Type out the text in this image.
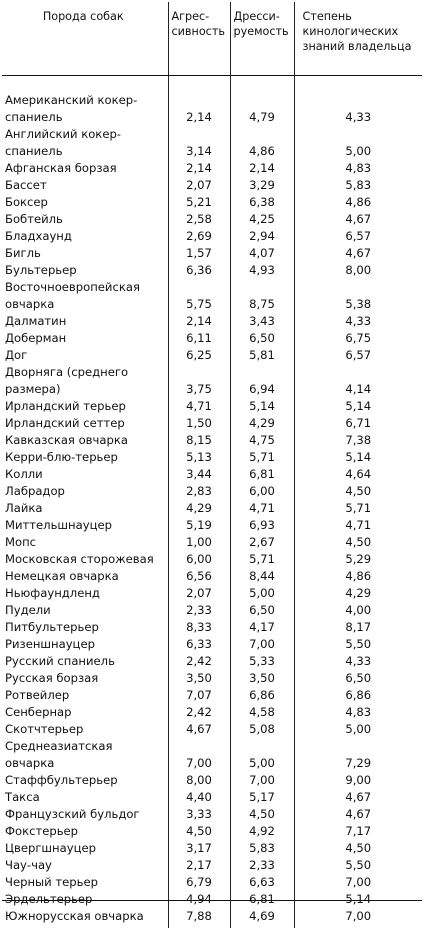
Порода собак	Агрес- сивность	Дресси- руемость	Степень кинологических знаний владельца
Американский кокер-спаниель	2,14	4,79	4,33
Английский кокер-спаниель	3,14	4,86	5,00
Афганская борзая	2,14	2,14	4,83
Бассет	2,07	3,29	5,83
Боксер	5,21	6,38	4,86
Бобтейль	2,58	4,25	4,67
Бладхаунд	2,69	2,94	6,57
Бигль	1,57	4,07	4,67
Бультерьер	6,36	4,93	8,00
Восточноевропейская овчарка	5,75	8,75	5,38
Далматин	2,14	3,43	4,33
Доберман	6,11	6,50	6,75
Дог	6,25	5,81	6,57
Дворняга (среднего размера)	3,75	6,94	4,14
Ирландский терьер	4,71	5,14	5,14
Ирландский сеттер	1,50	4,29	6,71
Кавказская овчарка	8,15	4,75	7,38
Керри-блю-терьер	5,13	5,71	5,14
Колли	3,44	6,81	4,64
Лабрадор	2,83	6,00	4,50
Лайка	4,29	4,71	5,71
Миттельшнауцер	5,19	6,93	4,71
Мопс	1,00	2,67	4,50
Московская сторожевая	6,00	5,71	5,29
Немецкая овчарка	6,56	8,44	4,86
Ньюфаундленд	2,07	5,00	4,29
Пудели	2,33	6,50	4,00
Питбультерьер	8,33	4,17	8,17
Ризеншнауцер	6,33	7,00	5,50
Русский спаниель	2,42	5,33	4,33
Русская борзая	3,50	3,50	6,50
Ротвейлер	7,07	6,86	6,86
Сенбернар	2,42	4,58	4,83
Скотчтерьер	4,67	5,08	5,00
Среднеазиатская овчарка	7,00	5,00	7,29
Стаффбультерьер	8,00	7,00	9,00
Такса	4,40	5,17	4,67
Французский бульдог	3,33	4,50	4,67
Фокстерьер	4,50	4,92	7,17
Цвергшнауцер	3,17	5,83	4,50
Чау-чау	2,17	2,33	5,50
Черный терьер	6,79	6,63	7,00
Эрдельтерьер	4,94	6,81	5,14
Южнорусская овчарка	7,88	4,69	7,00
